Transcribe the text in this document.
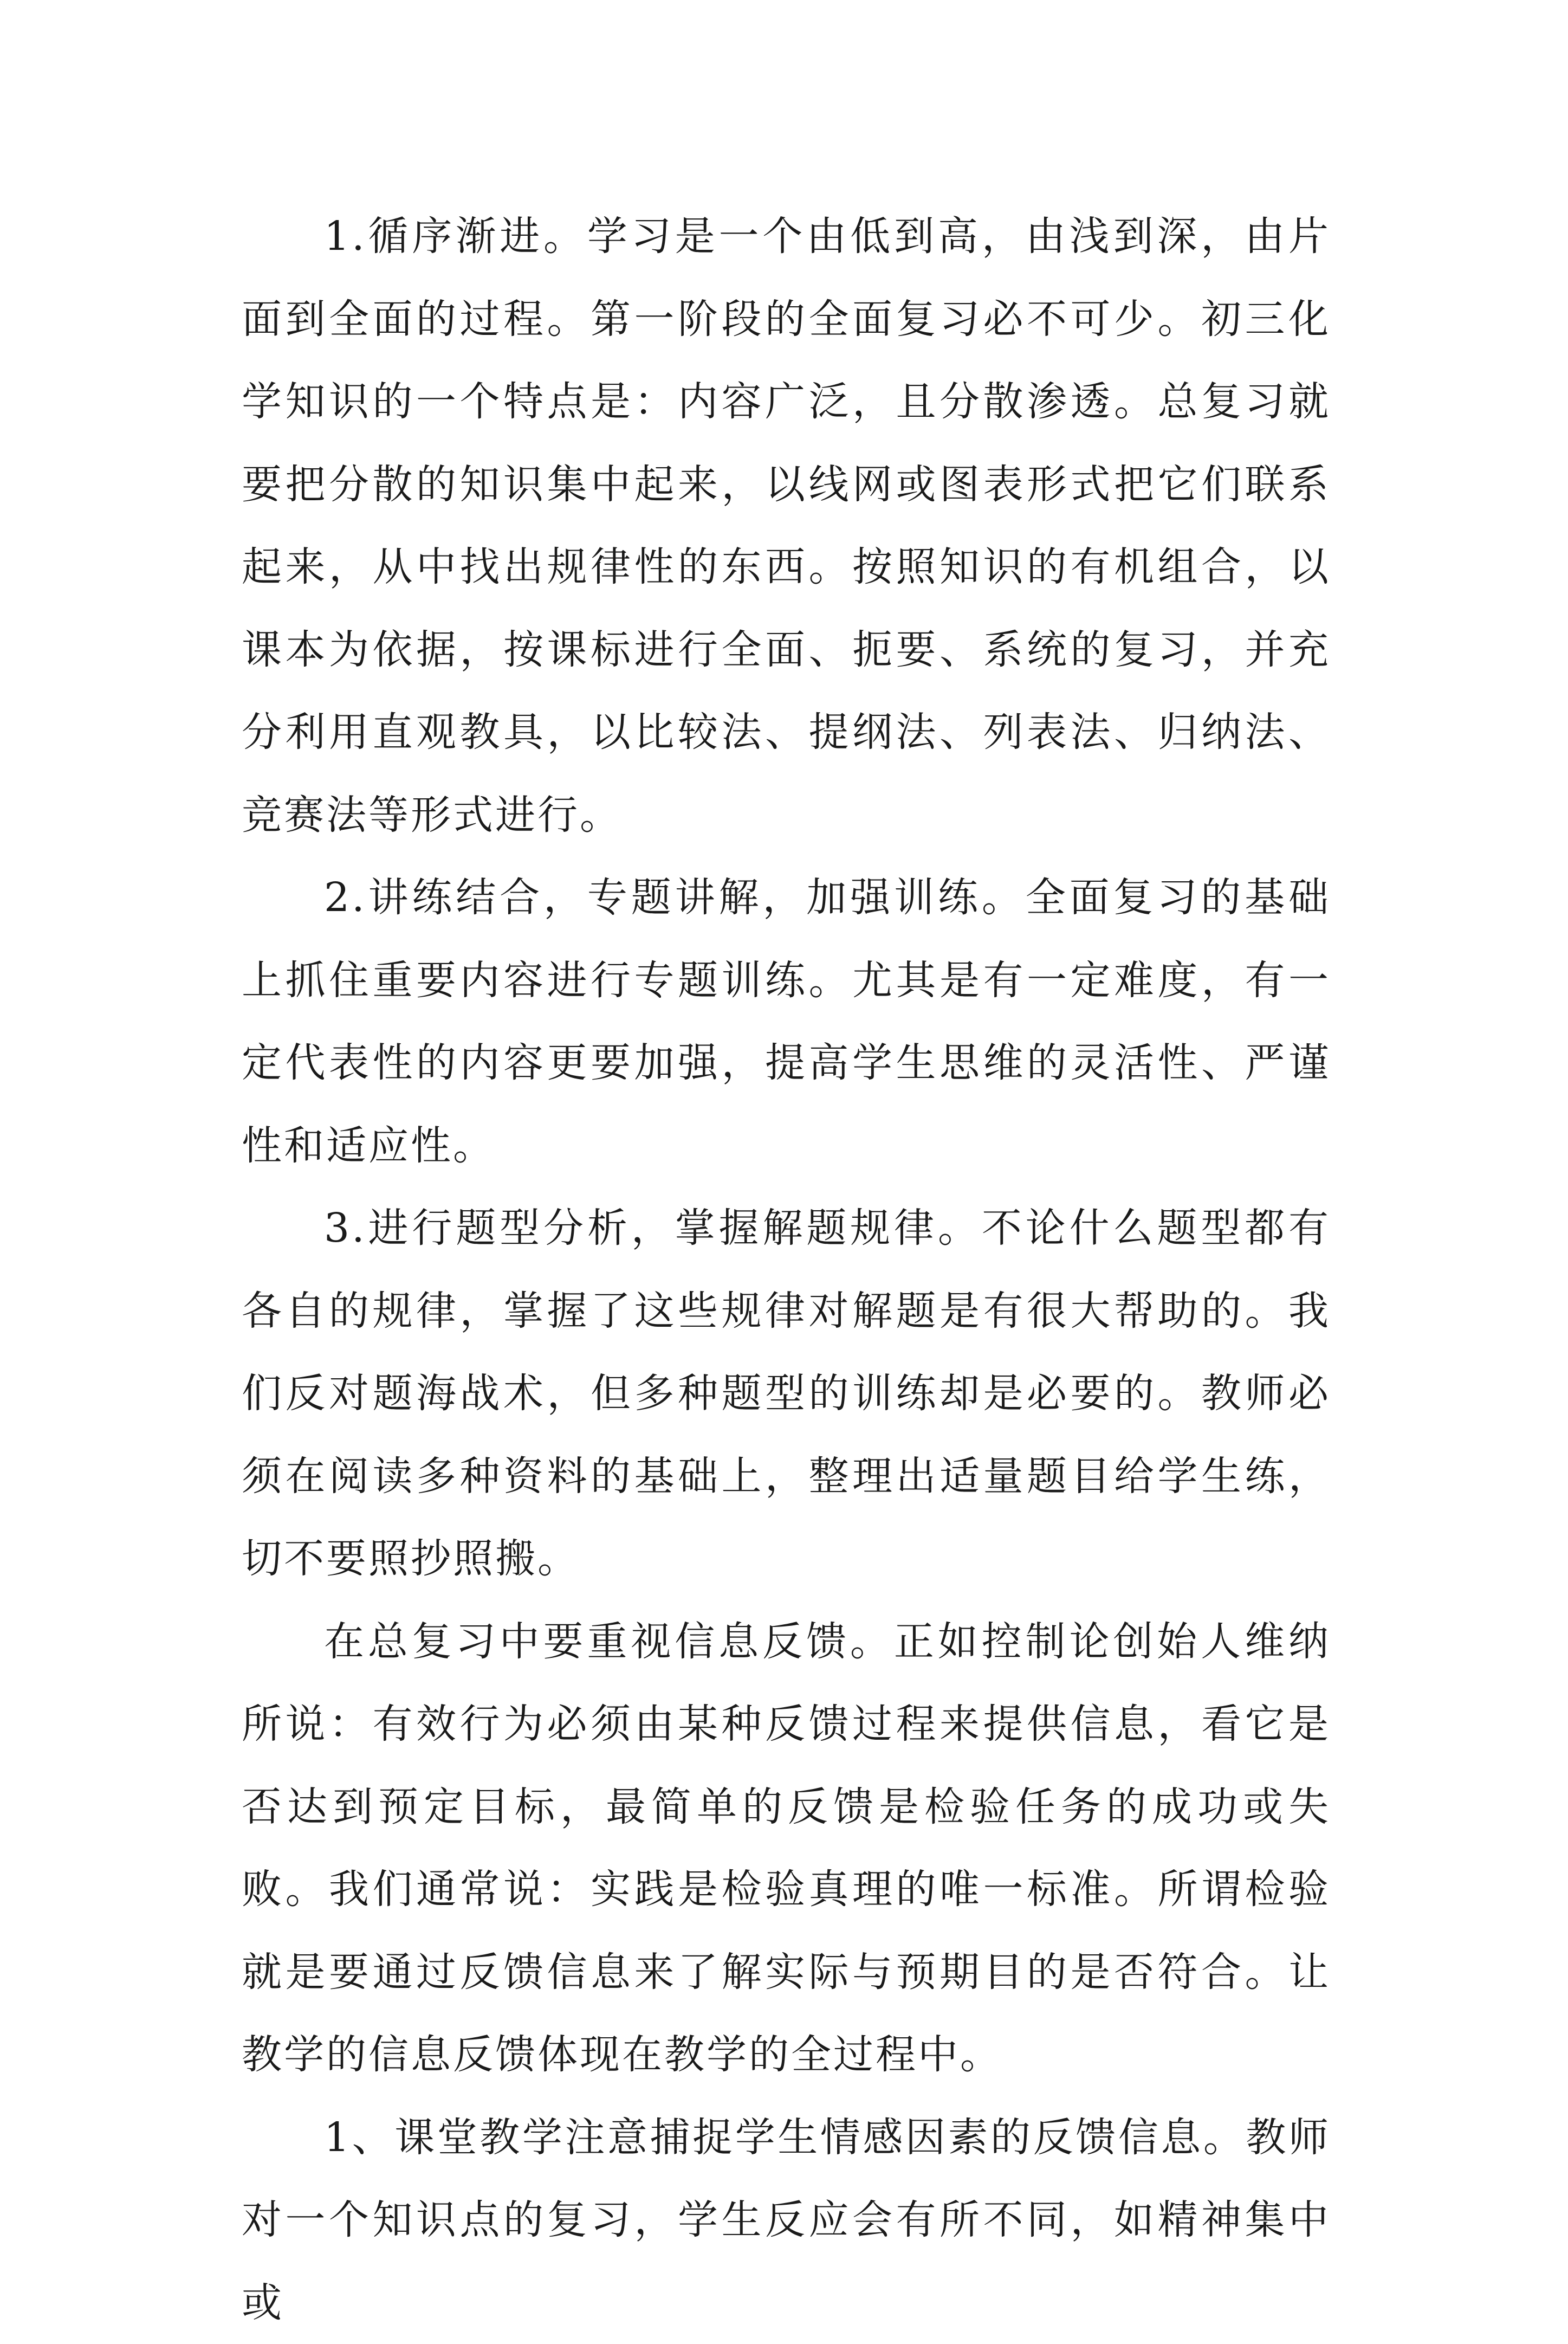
1.循序渐进。学习是一个由低到高，由浅到深，由片面到全面的过程。第一阶段的全面复习必不可少。初三化学知识的一个特点是：内容广泛，且分散渗透。总复习就要把分散的知识集中起来，以线网或图表形式把它们联系起来，从中找出规律性的东西。按照知识的有机组合，以课本为依据，按课标进行全面、扼要、系统的复习，并充分利用直观教具，以比较法、提纲法、列表法、归纳法、竞赛法等形式进行。

2.讲练结合，专题讲解，加强训练。全面复习的基础上抓住重要内容进行专题训练。尤其是有一定难度，有一定代表性的内容更要加强，提高学生思维的灵活性、严谨性和适应性。

3.进行题型分析，掌握解题规律。不论什么题型都有各自的规律，掌握了这些规律对解题是有很大帮助的。我们反对题海战术，但多种题型的训练却是必要的。教师必须在阅读多种资料的基础上，整理出适量题目给学生练，切不要照抄照搬。

在总复习中要重视信息反馈。正如控制论创始人维纳所说：有效行为必须由某种反馈过程来提供信息，看它是否达到预定目标，最简单的反馈是检验任务的成功或失败。我们通常说：实践是检验真理的唯一标准。所谓检验就是要通过反馈信息来了解实际与预期目的是否符合。让教学的信息反馈体现在教学的全过程中。

1、课堂教学注意捕捉学生情感因素的反馈信息。教师对一个知识点的复习，学生反应会有所不同，如精神集中或
